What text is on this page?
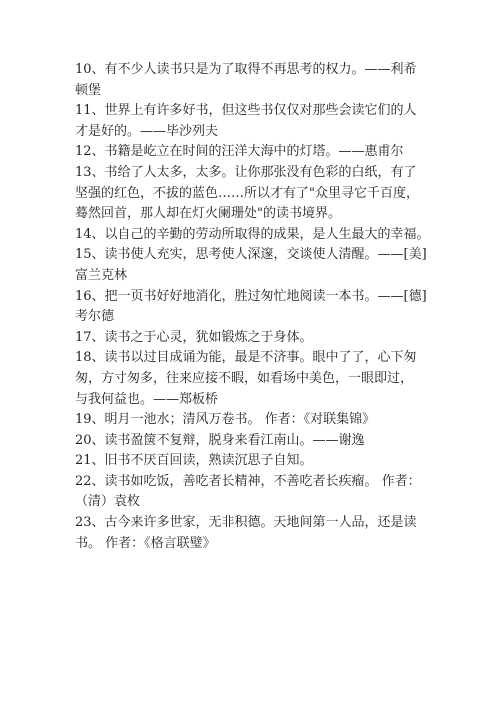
10、有不少人读书只是为了取得不再思考的权力。——利希
顿堡

11、世界上有许多好书，但这些书仅仅对那些会读它们的人
才是好的。——毕沙列夫

12、书籍是屹立在时间的汪洋大海中的灯塔。——惠甫尔

13、书给了人太多，太多。让你那张没有色彩的白纸，有了
坚强的红色，不拔的蓝色……所以才有了"众里寻它千百度，
蓦然回首，那人却在灯火阑珊处"的读书境界。

14、以自己的辛勤的劳动所取得的成果，是人生最大的幸福。

15、读书使人充实，思考使人深邃，交谈使人清醒。——[美]
富兰克林

16、把一页书好好地消化，胜过匆忙地阅读一本书。——[德]
考尔德

17、读书之于心灵，犹如锻炼之于身体。

18、读书以过目成诵为能，最是不济事。眼中了了，心下匆
匆，方寸匆多，往来应接不暇，如看场中美色，一眼即过，
与我何益也。——郑板桥

19、明月一池水；清风万卷书。 作者：《对联集锦》

20、读书盈箧不复辩，脱身来看江南山。——谢逸

21、旧书不厌百回读，熟读沉思子自知。

22、读书如吃饭，善吃者长精神，不善吃者长疾瘤。 作者：
（清）袁枚

23、古今来许多世家，无非积德。天地间第一人品，还是读
书。 作者：《格言联璧》
